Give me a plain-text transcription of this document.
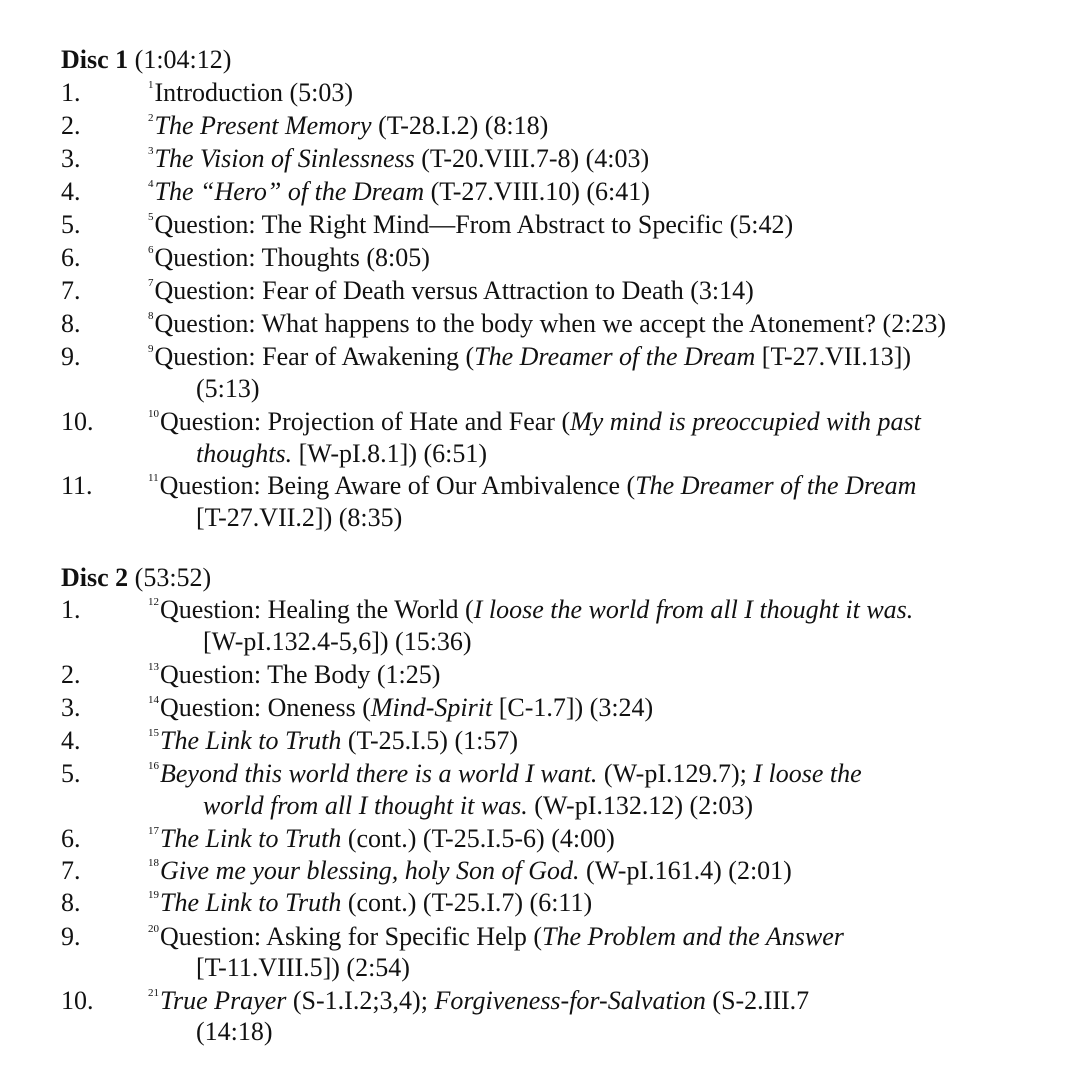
Disc 1 (1:04:12)
1.	$^1$Introduction (5:03)
2.	$^2$The Present Memory (T-28.I.2) (8:18)
3.	$^3$The Vision of Sinlessness (T-20.VIII.7-8) (4:03)
4.	$^4$The “Hero” of the Dream (T-27.VIII.10) (6:41)
5.	$^5$Question: The Right Mind—From Abstract to Specific (5:42)
6.	$^6$Question: Thoughts (8:05)
7.	$^7$Question: Fear of Death versus Attraction to Death (3:14)
8.	$^8$Question: What happens to the body when we accept the Atonement? (2:23)
9.	$^9$Question: Fear of Awakening (The Dreamer of the Dream [T-27.VII.13])
(5:13)
10.	$^{10}$Question: Projection of Hate and Fear (My mind is preoccupied with past
thoughts. [W-pI.8.1]) (6:51)
11.	$^{11}$Question: Being Aware of Our Ambivalence (The Dreamer of the Dream
[T-27.VII.2]) (8:35)
Disc 2 (53:52)
1.	$^{12}$Question: Healing the World (I loose the world from all I thought it was.
[W-pI.132.4-5,6]) (15:36)
2.	$^{13}$Question: The Body (1:25)
3.	$^{14}$Question: Oneness (Mind-Spirit [C-1.7]) (3:24)
4.	$^{15}$The Link to Truth (T-25.I.5) (1:57)
5.	$^{16}$Beyond this world there is a world I want. (W-pI.129.7); I loose the
world from all I thought it was. (W-pI.132.12) (2:03)
6.	$^{17}$The Link to Truth (cont.) (T-25.I.5-6) (4:00)
7.	$^{18}$Give me your blessing, holy Son of God. (W-pI.161.4) (2:01)
8.	$^{19}$The Link to Truth (cont.) (T-25.I.7) (6:11)
9.	$^{20}$Question: Asking for Specific Help (The Problem and the Answer
[T-11.VIII.5]) (2:54)
10.	$^{21}$True Prayer (S-1.I.2;3,4); Forgiveness-for-Salvation (S-2.III.7
(14:18)
